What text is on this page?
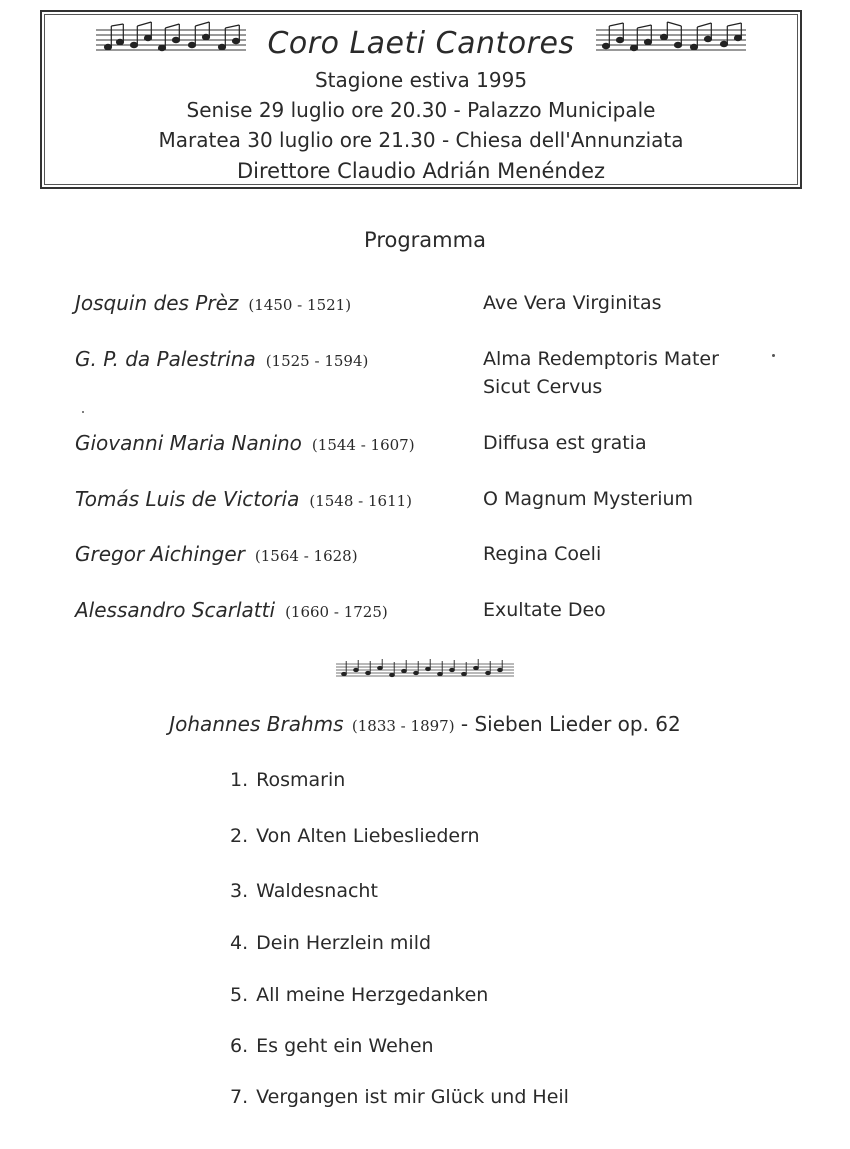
Coro Laeti Cantores
Stagione estiva 1995
Senise 29 luglio ore 20.30 - Palazzo Municipale
Maratea 30 luglio ore 21.30 - Chiesa dell'Annunziata
Direttore Claudio Adrián Menéndez
Programma
Josquin des Prèz (1450 - 1521)	Ave Vera Virginitas
G. P. da Palestrina (1525 - 1594)	Alma Redemptoris Mater
Sicut Cervus
Giovanni Maria Nanino (1544 - 1607)	Diffusa est gratia
Tomás Luis de Victoria (1548 - 1611)	O Magnum Mysterium
Gregor Aichinger (1564 - 1628)	Regina Coeli
Alessandro Scarlatti (1660 - 1725)	Exultate Deo
Johannes Brahms (1833 - 1897) - Sieben Lieder op. 62
1. Rosmarin
2. Von Alten Liebesliedern
3. Waldesnacht
4. Dein Herzlein mild
5. All meine Herzgedanken
6. Es geht ein Wehen
7. Vergangen ist mir Glück und Heil
